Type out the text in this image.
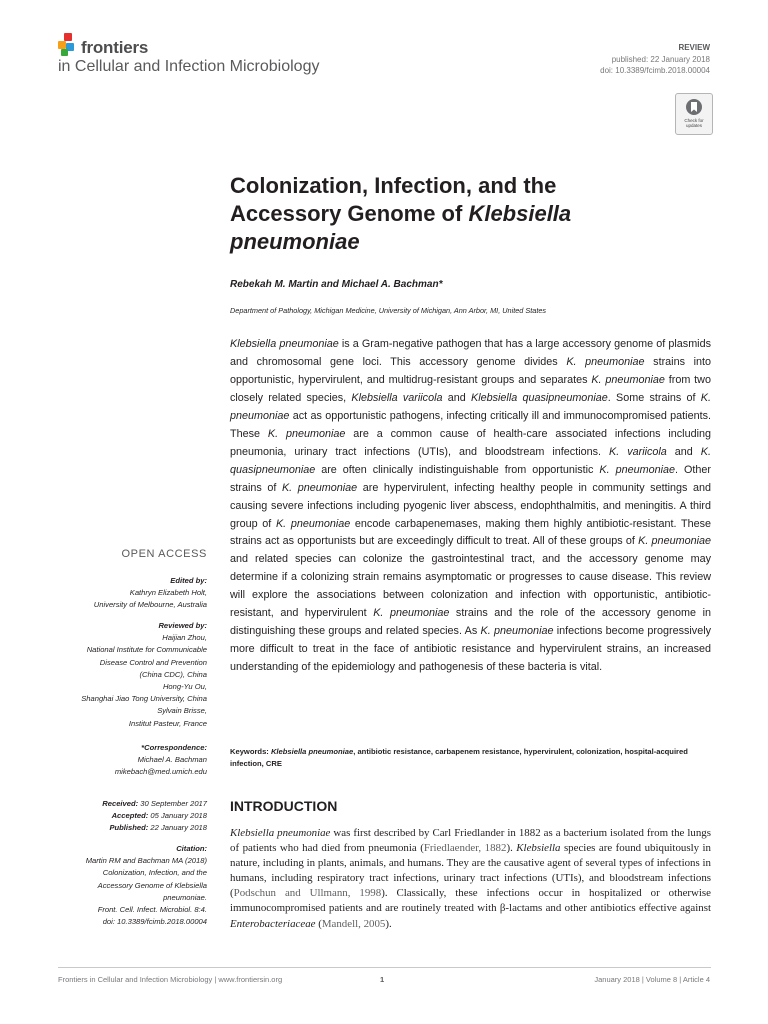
frontiers
in Cellular and Infection Microbiology
REVIEW
published: 22 January 2018
doi: 10.3389/fcimb.2018.00004
Check for updates
Colonization, Infection, and the
Accessory Genome of Klebsiella
pneumoniae
Rebekah M. Martin and Michael A. Bachman*
Department of Pathology, Michigan Medicine, University of Michigan, Ann Arbor, MI, United States
Klebsiella pneumoniae is a Gram-negative pathogen that has a large accessory genome of plasmids and chromosomal gene loci. This accessory genome divides K. pneumoniae strains into opportunistic, hypervirulent, and multidrug-resistant groups and separates K. pneumoniae from two closely related species, Klebsiella variicola and Klebsiella quasipneumoniae. Some strains of K. pneumoniae act as opportunistic pathogens, infecting critically ill and immunocompromised patients. These K. pneumoniae are a common cause of health-care associated infections including pneumonia, urinary tract infections (UTIs), and bloodstream infections. K. variicola and K. quasipneumoniae are often clinically indistinguishable from opportunistic K. pneumoniae. Other strains of K. pneumoniae are hypervirulent, infecting healthy people in community settings and causing severe infections including pyogenic liver abscess, endophthalmitis, and meningitis. A third group of K. pneumoniae encode carbapenemases, making them highly antibiotic-resistant. These strains act as opportunists but are exceedingly difficult to treat. All of these groups of K. pneumoniae and related species can colonize the gastrointestinal tract, and the accessory genome may determine if a colonizing strain remains asymptomatic or progresses to cause disease. This review will explore the associations between colonization and infection with opportunistic, antibiotic-resistant, and hypervirulent K. pneumoniae strains and the role of the accessory genome in distinguishing these groups and related species. As K. pneumoniae infections become progressively more difficult to treat in the face of antibiotic resistance and hypervirulent strains, an increased understanding of the epidemiology and pathogenesis of these bacteria is vital.
Keywords: Klebsiella pneumoniae, antibiotic resistance, carbapenem resistance, hypervirulent, colonization, hospital-acquired infection, CRE
INTRODUCTION
Klebsiella pneumoniae was first described by Carl Friedlander in 1882 as a bacterium isolated from the lungs of patients who had died from pneumonia (Friedlaender, 1882). Klebsiella species are found ubiquitously in nature, including in plants, animals, and humans. They are the causative agent of several types of infections in humans, including respiratory tract infections, urinary tract infections (UTIs), and bloodstream infections (Podschun and Ullmann, 1998). Classically, these infections occur in hospitalized or otherwise immunocompromised patients and are routinely treated with β-lactams and other antibiotics effective against Enterobacteriaceae (Mandell, 2005).
OPEN ACCESS
Edited by:
Kathryn Elizabeth Holt,
University of Melbourne, Australia
Reviewed by:
Haijian Zhou,
National Institute for Communicable
Disease Control and Prevention
(China CDC), China
Hong-Yu Ou,
Shanghai Jiao Tong University, China
Sylvain Brisse,
Institut Pasteur, France
*Correspondence:
Michael A. Bachman
mikebach@med.umich.edu
Received: 30 September 2017
Accepted: 05 January 2018
Published: 22 January 2018
Citation:
Martin RM and Bachman MA (2018)
Colonization, Infection, and the
Accessory Genome of Klebsiella
pneumoniae.
Front. Cell. Infect. Microbiol. 8:4.
doi: 10.3389/fcimb.2018.00004
Frontiers in Cellular and Infection Microbiology | www.frontiersin.org	1	January 2018 | Volume 8 | Article 4
